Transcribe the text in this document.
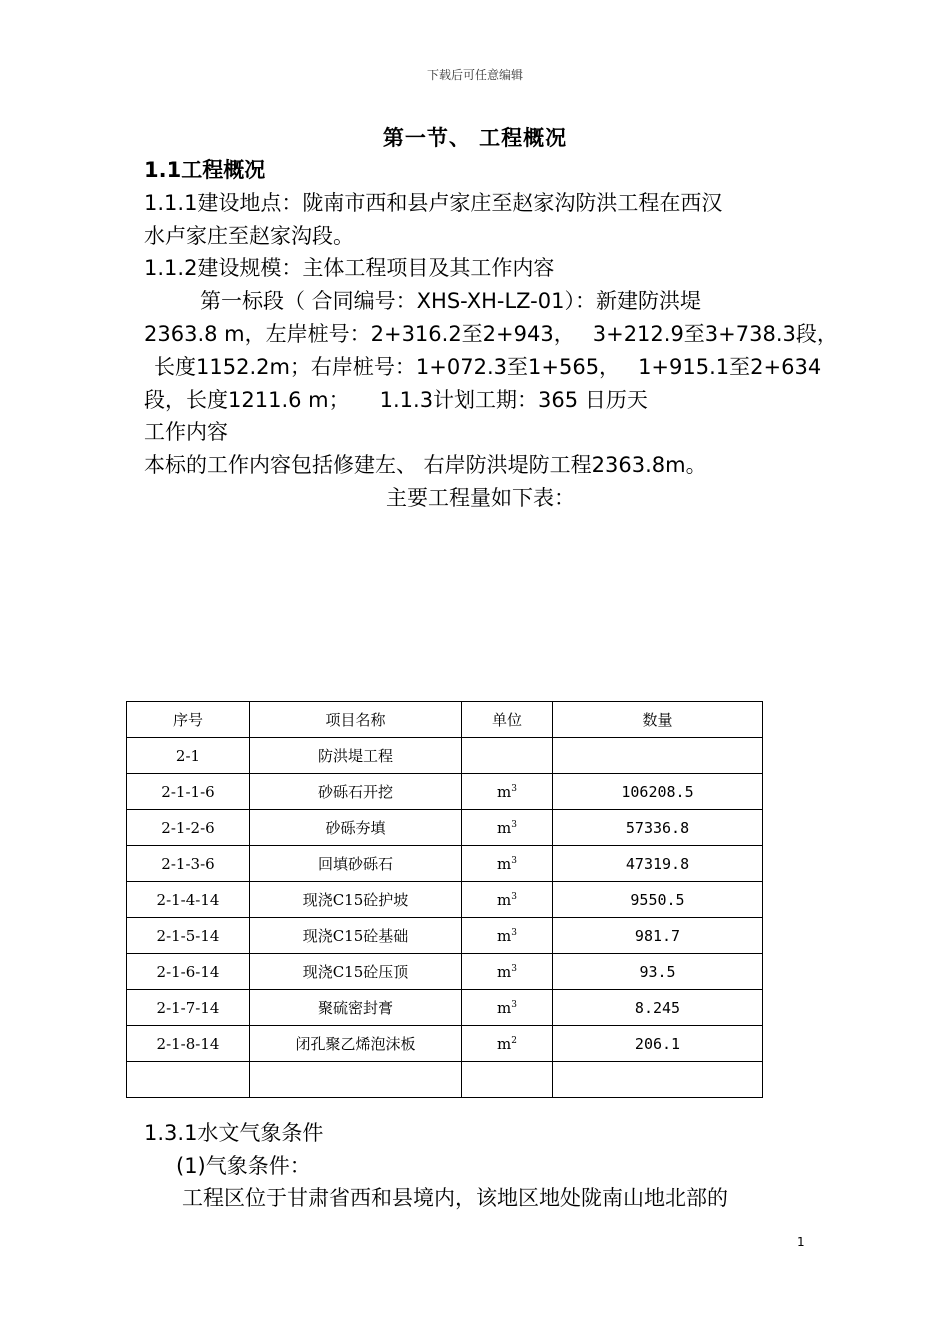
下载后可任意编辑
第一节、 工程概况
1.1工程概况
1.1.1建设地点：陇南市西和县卢家庄至赵家沟防洪工程在西汉
水卢家庄至赵家沟段。
1.1.2建设规模：主体工程项目及其工作内容
第一标段（ 合同编号：XHS-XH-LZ-01）：新建防洪堤
2363.8 m，左岸桩号：2+316.2至2+943， 3+212.9至3+738.3段，
长度1152.2m；右岸桩号：1+072.3至1+565， 1+915.1至2+634
段，长度1211.6 m； 1.1.3计划工期：365 日历天
工作内容
本标的工作内容包括修建左、 右岸防洪堤防工程2363.8m。
主要工程量如下表：
序号	项目名称	单位	数量
2-1	防洪堤工程		
2-1-1-6	砂砾石开挖	$m^3$	106208.5
2-1-2-6	砂砾夯填	$m^3$	57336.8
2-1-3-6	回填砂砾石	$m^3$	47319.8
2-1-4-14	现浇C15砼护坡	$m^3$	9550.5
2-1-5-14	现浇C15砼基础	$m^3$	981.7
2-1-6-14	现浇C15砼压顶	$m^3$	93.5
2-1-7-14	聚硫密封膏	$m^3$	8.245
2-1-8-14	闭孔聚乙烯泡沫板	$m^2$	206.1

1.3.1水文气象条件
(1)气象条件：
工程区位于甘肃省西和县境内，该地区地处陇南山地北部的
1
